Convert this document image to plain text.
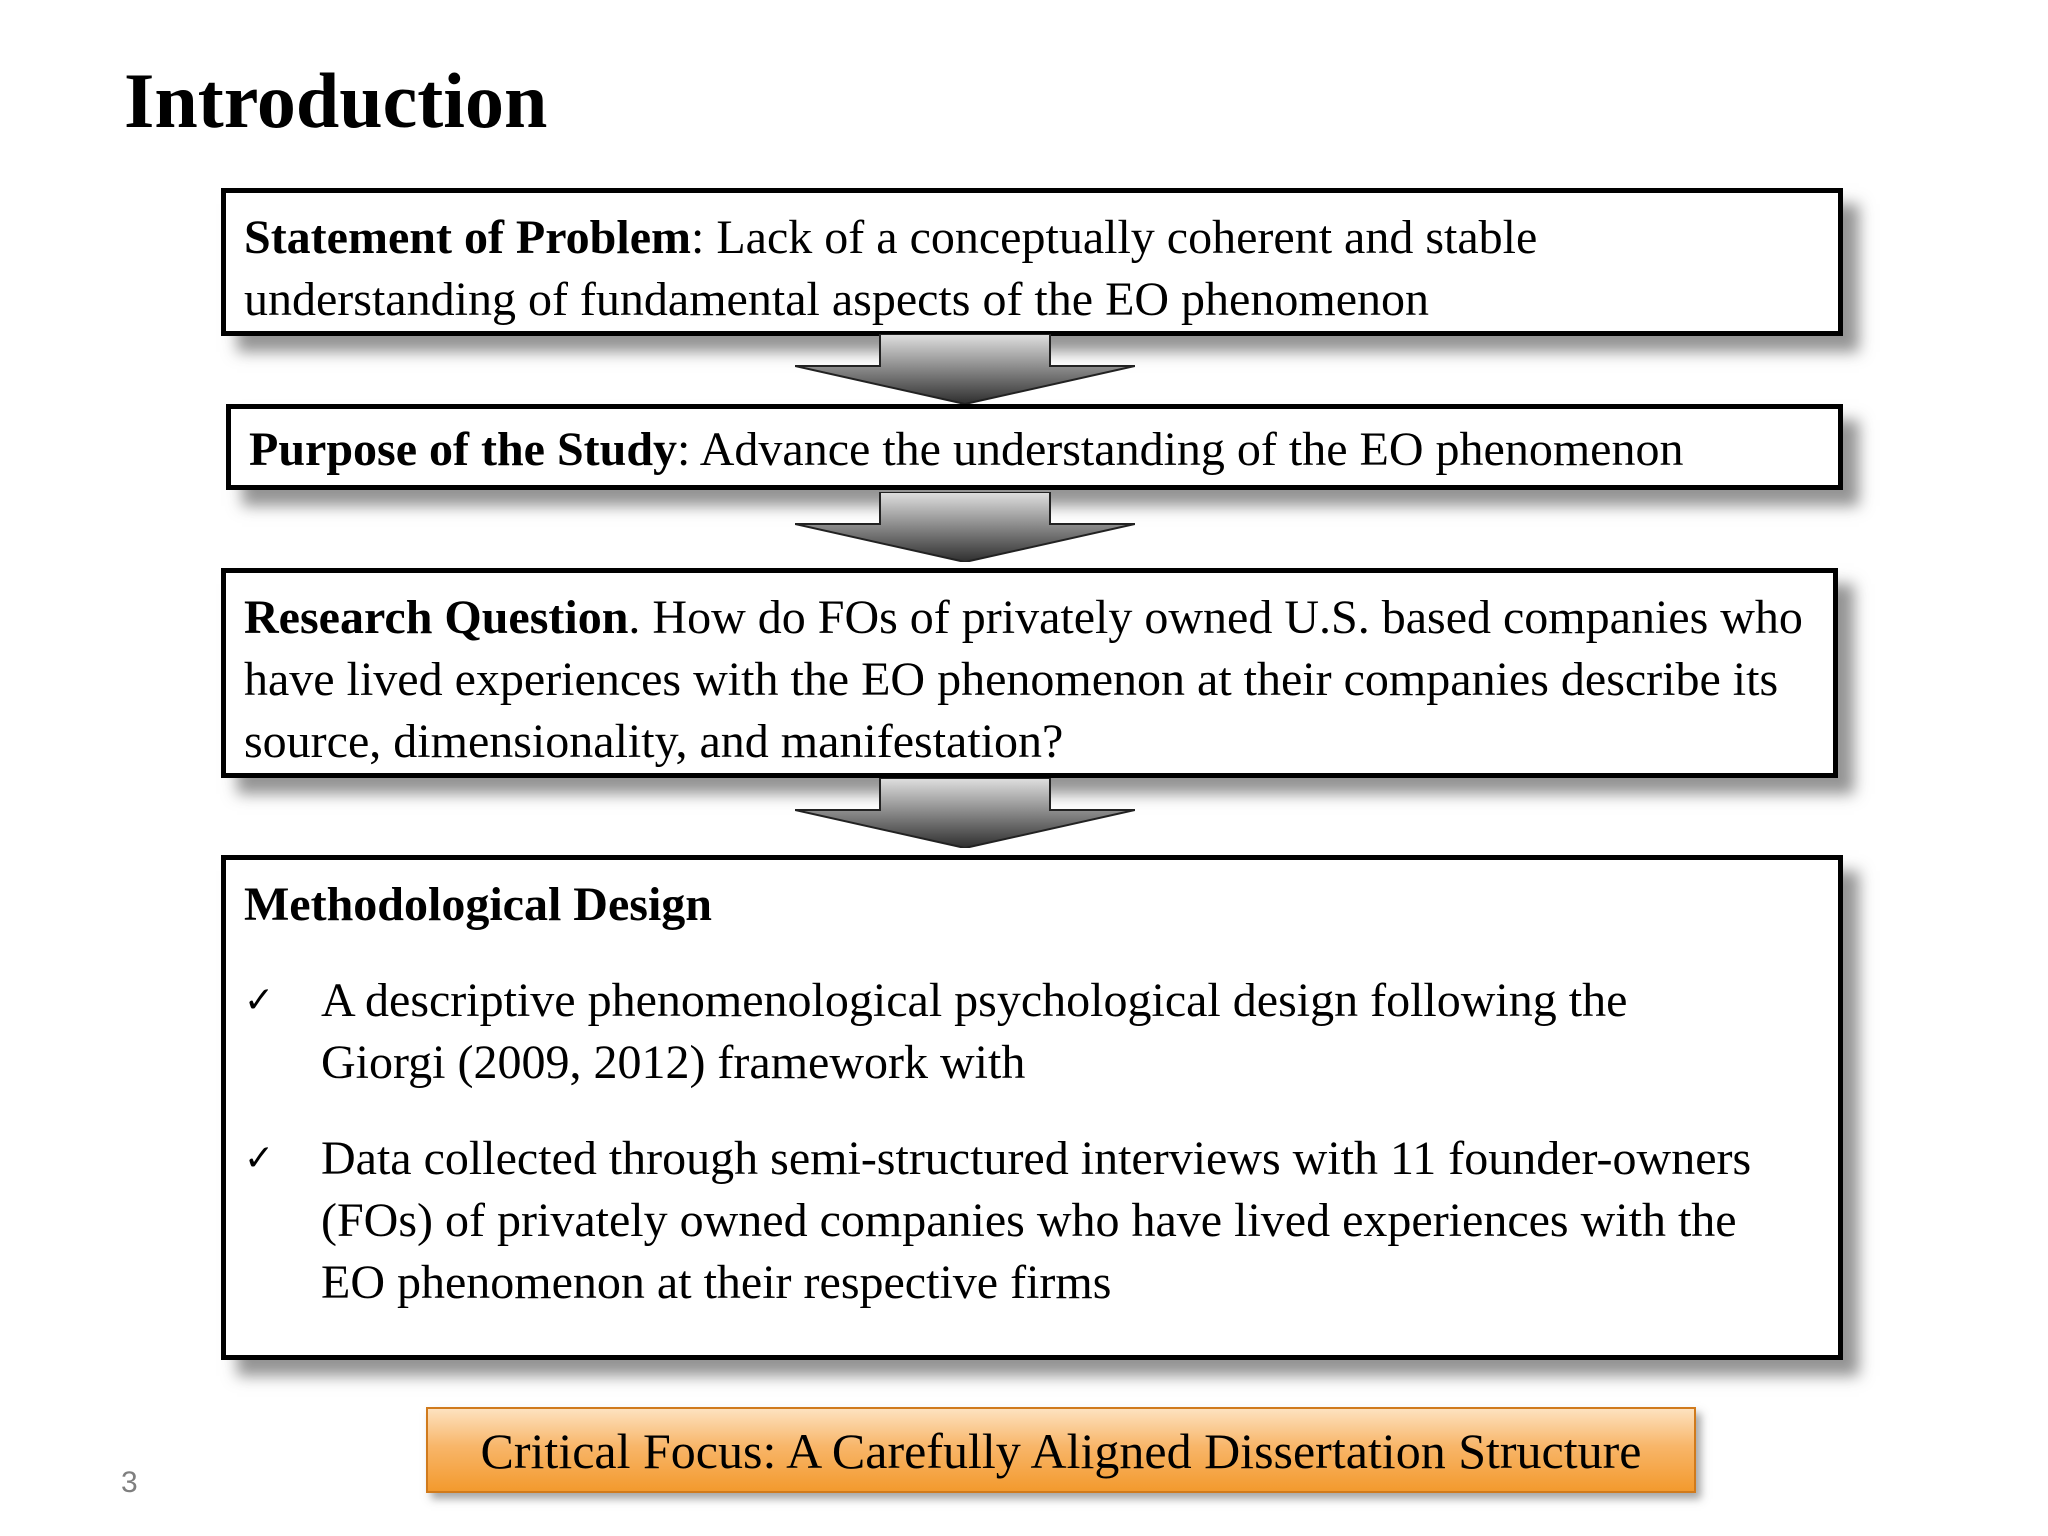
Introduction
Statement of Problem: Lack of a conceptually coherent and stable understanding of fundamental aspects of the EO phenomenon
Purpose of the Study: Advance the understanding of the EO phenomenon
Research Question. How do FOs of privately owned U.S. based companies who have lived experiences with the EO phenomenon at their companies describe its source, dimensionality, and manifestation?
Methodological Design
✓ A descriptive phenomenological psychological design following the Giorgi (2009, 2012) framework with
✓ Data collected through semi-structured interviews with 11 founder-owners (FOs) of privately owned companies who have lived experiences with the EO phenomenon at their respective firms
Critical Focus: A Carefully Aligned Dissertation Structure
3
